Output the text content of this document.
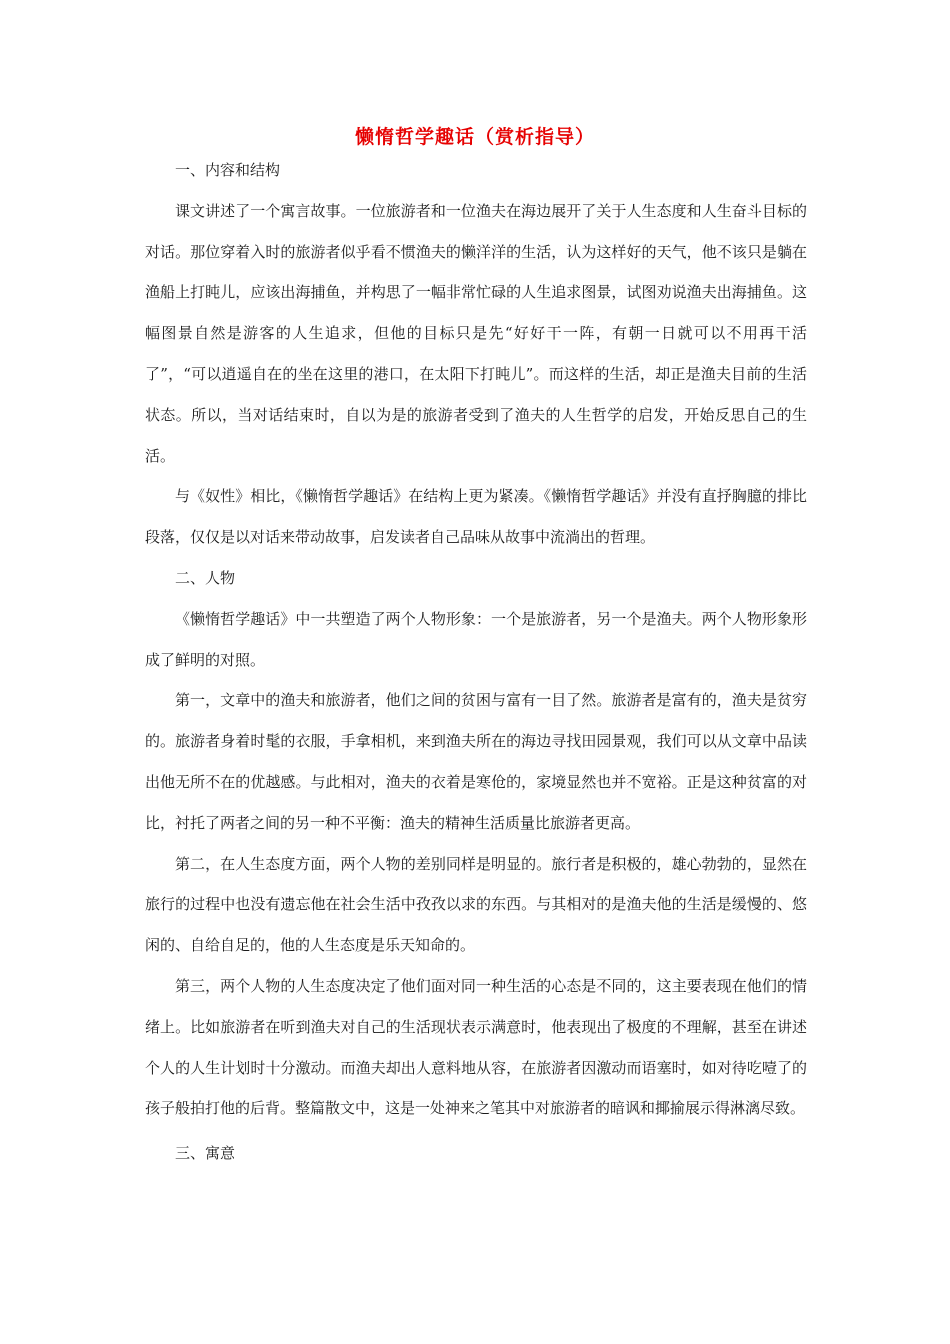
懒惰哲学趣话（赏析指导）

一、内容和结构

课文讲述了一个寓言故事。一位旅游者和一位渔夫在海边展开了关于人生态度和人生奋斗目标的对话。那位穿着入时的旅游者似乎看不惯渔夫的懒洋洋的生活，认为这样好的天气，他不该只是躺在渔船上打盹儿，应该出海捕鱼，并构思了一幅非常忙碌的人生追求图景，试图劝说渔夫出海捕鱼。这幅图景自然是游客的人生追求，但他的目标只是先“好好干一阵，有朝一日就可以不用再干活了”，“可以逍遥自在的坐在这里的港口，在太阳下打盹儿”。而这样的生活，却正是渔夫目前的生活状态。所以，当对话结束时，自以为是的旅游者受到了渔夫的人生哲学的启发，开始反思自己的生活。

与《奴性》相比，《懒惰哲学趣话》在结构上更为紧凑。《懒惰哲学趣话》并没有直抒胸臆的排比段落，仅仅是以对话来带动故事，启发读者自己品味从故事中流淌出的哲理。

二、人物

《懒惰哲学趣话》中一共塑造了两个人物形象：一个是旅游者，另一个是渔夫。两个人物形象形成了鲜明的对照。

第一，文章中的渔夫和旅游者，他们之间的贫困与富有一目了然。旅游者是富有的，渔夫是贫穷的。旅游者身着时髦的衣服，手拿相机，来到渔夫所在的海边寻找田园景观，我们可以从文章中品读出他无所不在的优越感。与此相对，渔夫的衣着是寒伧的，家境显然也并不宽裕。正是这种贫富的对比，衬托了两者之间的另一种不平衡：渔夫的精神生活质量比旅游者更高。

第二，在人生态度方面，两个人物的差别同样是明显的。旅行者是积极的，雄心勃勃的，显然在旅行的过程中也没有遗忘他在社会生活中孜孜以求的东西。与其相对的是渔夫他的生活是缓慢的、悠闲的、自给自足的，他的人生态度是乐天知命的。

第三，两个人物的人生态度决定了他们面对同一种生活的心态是不同的，这主要表现在他们的情绪上。比如旅游者在听到渔夫对自己的生活现状表示满意时，他表现出了极度的不理解，甚至在讲述个人的人生计划时十分激动。而渔夫却出人意料地从容，在旅游者因激动而语塞时，如对待吃噎了的孩子般拍打他的后背。整篇散文中，这是一处神来之笔其中对旅游者的暗讽和揶揄展示得淋漓尽致。

三、寓意
